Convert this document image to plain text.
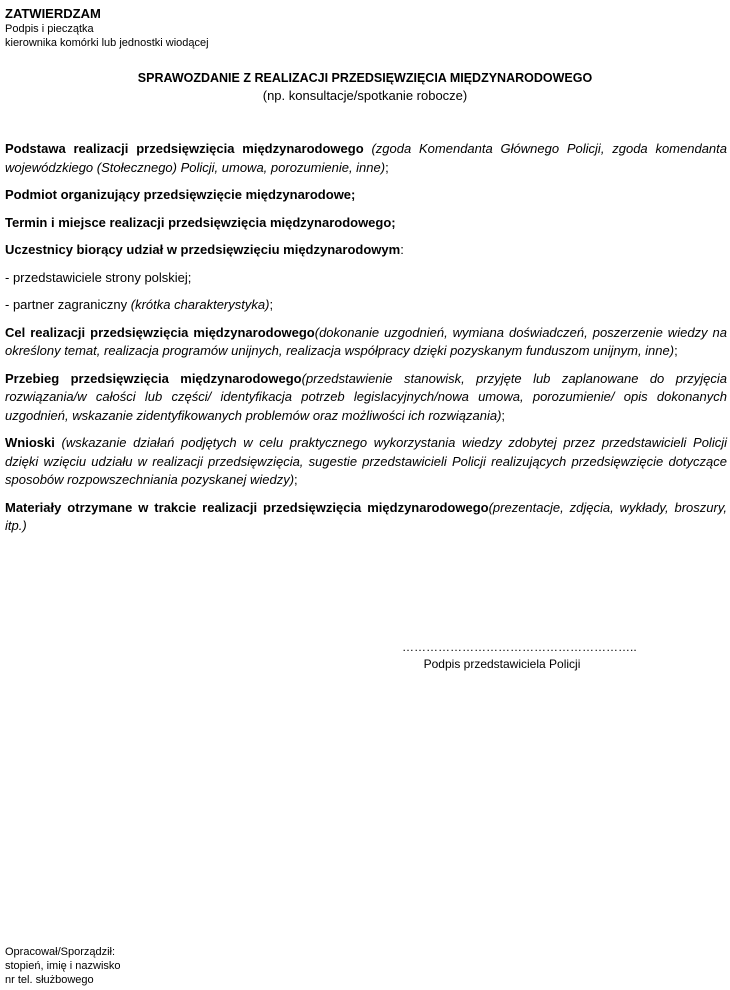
ZATWIERDZAM
Podpis i pieczątka
kierownika komórki lub jednostki wiodącej
SPRAWOZDANIE Z REALIZACJI PRZEDSIĘWZIĘCIA MIĘDZYNARODOWEGO
(np. konsultacje/spotkanie robocze)

Podstawa realizacji przedsięwzięcia międzynarodowego (zgoda Komendanta Głównego Policji, zgoda komendanta wojewódzkiego (Stołecznego) Policji, umowa, porozumienie, inne);

Podmiot organizujący przedsięwzięcie międzynarodowe;

Termin i miejsce realizacji przedsięwzięcia międzynarodowego;

Uczestnicy biorący udział w przedsięwzięciu międzynarodowym:

- przedstawiciele strony polskiej;

- partner zagraniczny (krótka charakterystyka);

Cel realizacji przedsięwzięcia międzynarodowego(dokonanie uzgodnień, wymiana doświadczeń, poszerzenie wiedzy na określony temat, realizacja programów unijnych, realizacja współpracy dzięki pozyskanym funduszom unijnym, inne);

Przebieg przedsięwzięcia międzynarodowego(przedstawienie stanowisk, przyjęte lub zaplanowane do przyjęcia rozwiązania/w całości lub części/ identyfikacja potrzeb legislacyjnych/nowa umowa, porozumienie/ opis dokonanych uzgodnień, wskazanie zidentyfikowanych problemów oraz możliwości ich rozwiązania);

Wnioski (wskazanie działań podjętych w celu praktycznego wykorzystania wiedzy zdobytej przez przedstawicieli Policji dzięki wzięciu udziału w realizacji przedsięwzięcia, sugestie przedstawicieli Policji realizujących przedsięwzięcie dotyczące sposobów rozpowszechniania pozyskanej wiedzy);

Materiały otrzymane w trakcie realizacji przedsięwzięcia międzynarodowego(prezentacje, zdjęcia, wykłady, broszury, itp.)

…………………………………………………..
Podpis przedstawiciela Policji
Opracował/Sporządził:
stopień, imię i nazwisko
nr tel. służbowego
